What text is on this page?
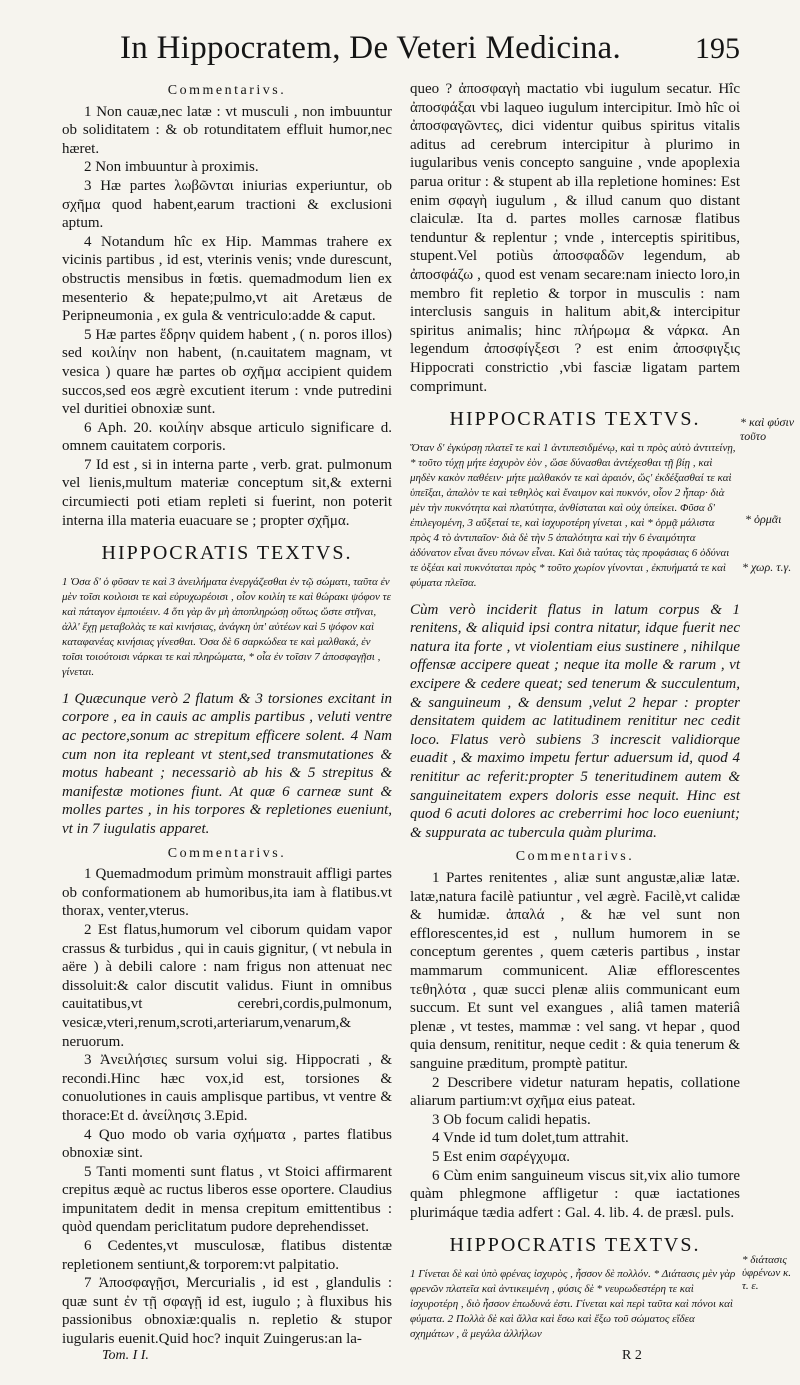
In Hippocratem, De Veteri Medicina. 195

Commentarivs.

1 Non cauæ,nec latæ : vt musculi , non imbuuntur ob soliditatem : & ob rotunditatem effluit humor,nec hæret.

2 Non imbuuntur à proximis.

3 Hæ partes λωβῶνται iniurias experiuntur, ob σχῆμα quod habent,earum tractioni & exclusioni aptum.

4 Notandum hîc ex Hip. Mammas trahere ex vicinis partibus , id est, vterinis venis; vnde durescunt, obstructis mensibus in fœtis. quemadmodum lien ex mesenterio & hepate;pulmo,vt ait Aretæus de Peripneumonia , ex gula & ventriculo:adde & caput.

5 Hæ partes ἕδρην quidem habent , ( n. poros illos) sed κοιλίην non habent, (n.cauitatem magnam, vt vesica ) quare hæ partes ob σχῆμα accipient quidem succos,sed eos ægrè excutient iterum : vnde putredini vel duritiei obnoxiæ sunt.

6 Aph. 20. κοιλίην absque articulo significare d. omnem cauitatem corporis.

7 Id est , si in interna parte , verb. grat. pulmonum vel lienis,multum materiæ conceptum sit,& externi circumiecti poti etiam repleti si fuerint, non poterit interna illa materia euacuare se ; propter σχῆμα.

HIPPOCRATIS TEXTVS.

1 Ὁσα δ' ὁ φῦσαν τε καὶ 3 ἀνειλήματα ἐνεργάζεσθαι ἐν τῷ σώματι, ταῦτα ἐν μὲν τοῖσι κοιλοισι τε καὶ εὐρυχωρέοισι , οἷον κοιλίη τε καὶ θώρακι ψόφον τε καὶ πάταγον ἐμποιέειν. 4 ὅτι γὰρ ἂν μὴ ἀποπληρώσῃ οὕτως ὥστε στῆναι, ἀλλ' ἔχῃ μεταβολὰς τε καὶ κινήσιας, ἀνάγκη ὑπ' αὐτέων καὶ 5 ψόφον καὶ καταφανέας κινήσιας γίνεσθαι. Ὁσα δὲ 6 σαρκώδεα τε καὶ μαλθακά, ἐν τοῖσι τοιούτοισι νάρκαι τε καὶ πληρώματα, * οἷα ἐν τοῖσιν 7 ἀποσφαγῇσι , γίνεται.

1 Quæcunque verò 2 flatum & 3 torsiones excitant in corpore , ea in cauis ac amplis partibus , veluti ventre ac pectore,sonum ac strepitum efficere solent. 4 Nam cum non ita repleant vt stent,sed transmutationes & motus habeant ; necessariò ab his & 5 strepitus & manifestæ motiones fiunt. At quæ 6 carneæ sunt & molles partes , in his torpores & repletiones eueniunt, vt in 7 iugulatis apparet.

Commentarivs.

1 Quemadmodum primùm monstrauit affligi partes ob conformationem ab humoribus,ita iam à flatibus.vt thorax, venter,vterus.

2 Est flatus,humorum vel ciborum quidam vapor crassus & turbidus , qui in cauis gignitur, ( vt nebula in aëre ) à debili calore : nam frigus non attenuat nec dissoluit:& calor discutit validus. Fiunt in omnibus cauitatibus,vt cerebri,cordis,pulmonum, vesicæ,vteri,renum,scroti,arteriarum,venarum,& neruorum.

3 Ἀνειλήσιες sursum volui sig. Hippocrati , & recondi.Hinc hæc vox,id est, torsiones & conuolutiones in cauis amplisque partibus, vt ventre & thorace:Et d. ἀνείλησις 3.Epid.

4 Quo modo ob varia σχήματα , partes flatibus obnoxiæ sint.

5 Tanti momenti sunt flatus , vt Stoici affirmarent crepitus æquè ac ructus liberos esse oportere. Claudius impunitatem dedit in mensa crepitum emittentibus : quòd quendam periclitatum pudore deprehendisset.

6 Cedentes,vt musculosæ, flatibus distentæ repletionem sentiunt,& torporem:vt palpitatio.

7 Ἀποσφαγῇσι, Mercurialis , id est , glandulis : quæ sunt ἐν τῇ σφαγῇ id est, iugulo ; à fluxibus his passionibus obnoxiæ:qualis n. repletio & stupor iugularis euenit.Quid hoc? inquit Zuingerus:an la-

queo ? ἀποσφαγὴ mactatio vbi iugulum secatur. Hîc ἀποσφάξαι vbi laqueo iugulum intercipitur. Imò hîc οἱ ἀποσφαγῶντες, dici videntur quibus spiritus vitalis aditus ad cerebrum intercipitur à plurimo in iugularibus venis concepto sanguine , vnde apoplexia parua oritur : & stupent ab illa repletione homines: Est enim σφαγὴ iugulum , & illud canum quo distant claiculæ. Ita d. partes molles carnosæ flatibus tenduntur & replentur ; vnde , interceptis spiritibus, stupent.Vel potiùs ἀποσφαδῶν legendum, ab ἀποσφάζω , quod est venam secare:nam iniecto loro,in membro fit repletio & torpor in musculis : nam interclusis sanguis in halitum abit,& intercipitur spiritus animalis; hinc πλήρωμα & νάρκα. An legendum ἀποσφίγξεσι ? est enim ἀποσφιγξις Hippocrati constrictio ,vbi fasciæ ligatam partem comprimunt.

HIPPOCRATIS TEXTVS.

Ὅταν δ' ἐγκύρσῃ πλατεῖ τε καὶ 1 ἀντιπεσιδμένῳ, καὶ τι πρὸς αὐτὸ ἀντιτείνῃ, * τοῦτο τύχῃ μήτε ἐσχυρὸν ἐὸν , ὥσε δύνασθαι ἀντέχεσθαι τῇ βίῃ , καὶ μηδὲν κακὸν παθέειν· μήτε μαλθακόν τε καὶ ἀραιόν, ὥς' ἐκδέξασθαί τε καὶ ὑπεῖξαι, ἀπαλὸν τε καὶ τεθηλὸς καὶ ἔναιμον καὶ πυκνόν, οἷον 2 ἧπαρ· διὰ μὲν τὴν πυκνότητα καὶ πλατύτητα, ἀνθίσταται καὶ οὐχ ὑπείκει. Φῦσα δ' ἐπιλεγομένη, 3 αὔξεταί τε, καὶ ἰσχυροτέρη γίνεται , καὶ * ὁρμᾷ μάλιστα πρὸς 4 τὸ ἀντιπαῖον· διὰ δὲ τὴν 5 ἀπαλότητα καὶ τὴν 6 ἐναιμότητα ἀδύνατον εἶναι ἄνευ πόνων εἶναι. Καὶ διὰ ταύτας τὰς προφάσιας 6 ὀδύναι τε ὀξέαι καὶ πυκνόταται πρὸς * τοῦτο χωρίον γίνονται , ἐκπυήματά τε καὶ φύματα πλεῖσα.

Cùm verò inciderit flatus in latum corpus & 1 renitens, & aliquid ipsi contra nitatur, idque fuerit nec natura ita forte , vt violentiam eius sustinere , nihilque offensæ accipere queat ; neque ita molle & rarum , vt excipere & cedere queat; sed tenerum & succulentum, & sanguineum , & densum ,velut 2 hepar : propter densitatem quidem ac latitudinem renititur nec cedit loco. Flatus verò subiens 3 increscit validiorque euadit , & maximo impetu fertur aduersum id, quod 4 renititur ac referit:propter 5 teneritudinem autem & sanguineitatem expers doloris esse nequit. Hinc est quod 6 acuti dolores ac creberrimi hoc loco eueniunt; & suppurata ac tubercula quàm plurima.

Commentarivs.

1 Partes renitentes , aliæ sunt angustæ,aliæ latæ. latæ,natura facilè patiuntur , vel ægrè. Facilè,vt calidæ & humidæ. ἀπαλά , & hæ vel sunt non efflorescentes,id est , nullum humorem in se conceptum gerentes , quem cæteris partibus , instar mammarum communicent. Aliæ efflorescentes τεθηλότα , quæ succi plenæ aliis communicant eum succum. Et sunt vel exangues , aliâ tamen materiâ plenæ , vt testes, mammæ : vel sang. vt hepar , quod quia densum, renititur, neque cedit : & quia tenerum & sanguine præditum, promptè patitur.

2 Describere videtur naturam hepatis, collatione aliarum partium:vt σχῆμα eius pateat.

3 Ob focum calidi hepatis.

4 Vnde id tum dolet,tum attrahit.

5 Est enim σαρέγχυμα.

6 Cùm enim sanguineum viscus sit,vix alio tumore quàm phlegmone affligetur : quæ iactationes plurimáque tædia adfert : Gal. 4. lib. 4. de præsl. puls.

HIPPOCRATIS TEXTVS.

1 Γίνεται δὲ καὶ ὑπὸ φρένας ἰσχυρὸς , ἧσσον δὲ πολλόν. * Διάτασις μὲν γὰρ φρενῶν πλατεῖα καὶ ἀντικειμένη , φύσις δὲ * νευρωδεστέρη τε καὶ ἰσχυροτέρη , διὸ ἧσσον ἐπωδυνά ἐστι. Γίνεται καὶ περὶ ταῦτα καὶ πόνοι καὶ φύματα. 2 Πολλὰ δὲ καὶ ἄλλα καὶ ἔσω καὶ ἔξω τοῦ σώματος εἴδεα σχημάτων , ἃ μεγάλα ἀλλήλων

* καὶ φύσιν τοῦτο
* ὁρμᾶι
* χωρ. τ.γ.
* διάτασις ὑφρένων κ. τ. ε.
Tom. I I.	R 2
